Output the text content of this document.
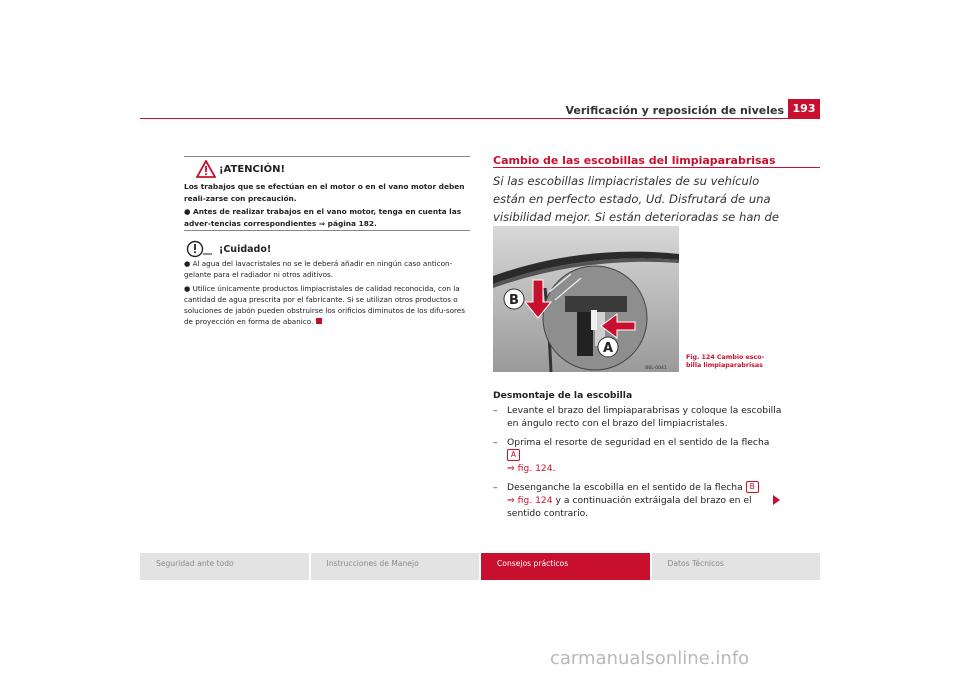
Verificación y reposición de niveles 193
¡ATENCIÓN!

Los trabajos que se efectúan en el motor o en el vano motor deben reali-zarse con precaución.

● Antes de realizar trabajos en el vano motor, tenga en cuenta las adver-tencias correspondientes ⇒ página 182.

¡Cuidado!

● Al agua del lavacristales no se le deberá añadir en ningún caso anticon-gelante para el radiador ni otros aditivos.

● Utilice únicamente productos limpiacristales de calidad reconocida, con la cantidad de agua prescrita por el fabricante. Si se utilizan otros productos o soluciones de jabón pueden obstruirse los orificios diminutos de los difu-sores de proyección en forma de abanico.

Cambio de las escobillas del limpiaparabrisas
Si las escobillas limpiacristales de su vehículo están en perfecto estado, Ud. Disfrutará de una visibilidad mejor. Si están deterioradas se han de
B
A
B6L-0041
Fig. 124 Cambio esco-
billa limpiaparabrisas
Desmontaje de la escobilla
– Levante el brazo del limpiaparabrisas y coloque la escobilla en ángulo recto con el brazo del limpiacristales.
– Oprima el resorte de seguridad en el sentido de la flecha A
⇒ fig. 124.
– Desenganche la escobilla en el sentido de la flecha B
⇒ fig. 124 y a continuación extráigala del brazo en el sentido contrario.
Seguridad ante todo	Instrucciones de Manejo	Consejos prácticos	Datos Técnicos
carmanualsonline.info
